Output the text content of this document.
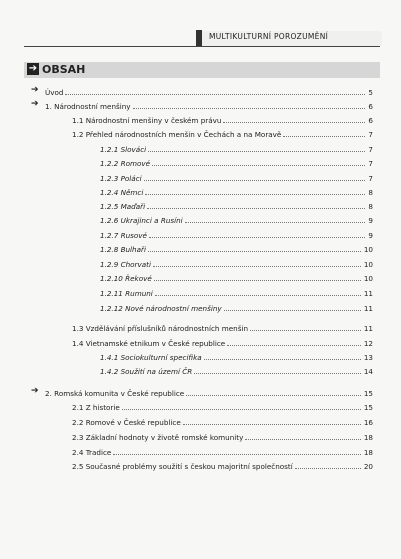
MULTIKULTURNÍ POROZUMĚNÍ
➔ OBSAH
➔ Úvod	5
➔ 1. Národnostní menšiny	6
1.1 Národnostní menšiny v českém právu	6
1.2 Přehled národnostních menšin v Čechách a na Moravě	7
1.2.1 Slováci	7
1.2.2 Romové	7
1.2.3 Poláci	7
1.2.4 Němci	8
1.2.5 Maďaři	8
1.2.6 Ukrajinci a Rusíni	9
1.2.7 Rusové	9
1.2.8 Bulhaři	10
1.2.9 Chorvati	10
1.2.10 Řekové	10
1.2.11 Rumuni	11
1.2.12 Nové národnostní menšiny	11
1.3 Vzdělávání příslušníků národnostních menšin	11
1.4 Vietnamské etnikum v České republice	12
1.4.1 Sociokulturní specifika	13
1.4.2 Soužití na území ČR	14
➔ 2. Romská komunita v České republice	15
2.1 Z historie	15
2.2 Romové v České republice	16
2.3 Základní hodnoty v životě romské komunity	18
2.4 Tradice	18
2.5 Současné problémy soužití s českou majoritní společností	20
